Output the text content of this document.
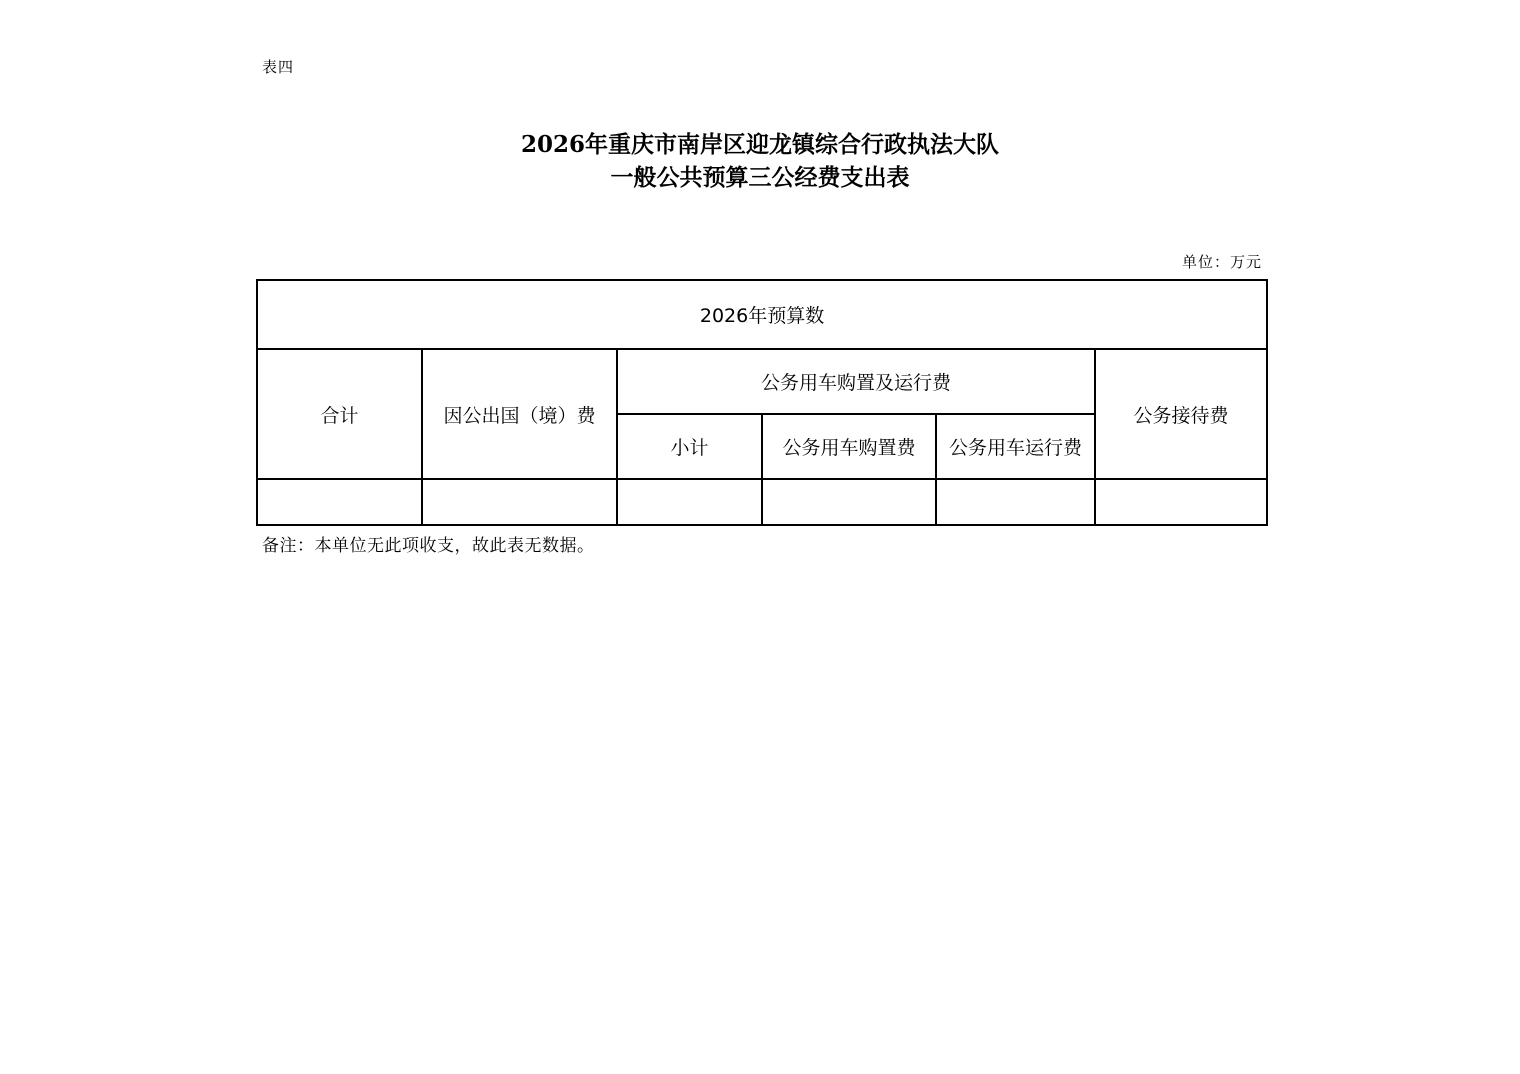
表四
2026年重庆市南岸区迎龙镇综合行政执法大队
一般公共预算三公经费支出表
单位：万元
2026年预算数					
合计	因公出国（境）费	公务用车购置及运行费			公务接待费
		小计	公务用车购置费	公务用车运行费	

备注：本单位无此项收支，故此表无数据。
